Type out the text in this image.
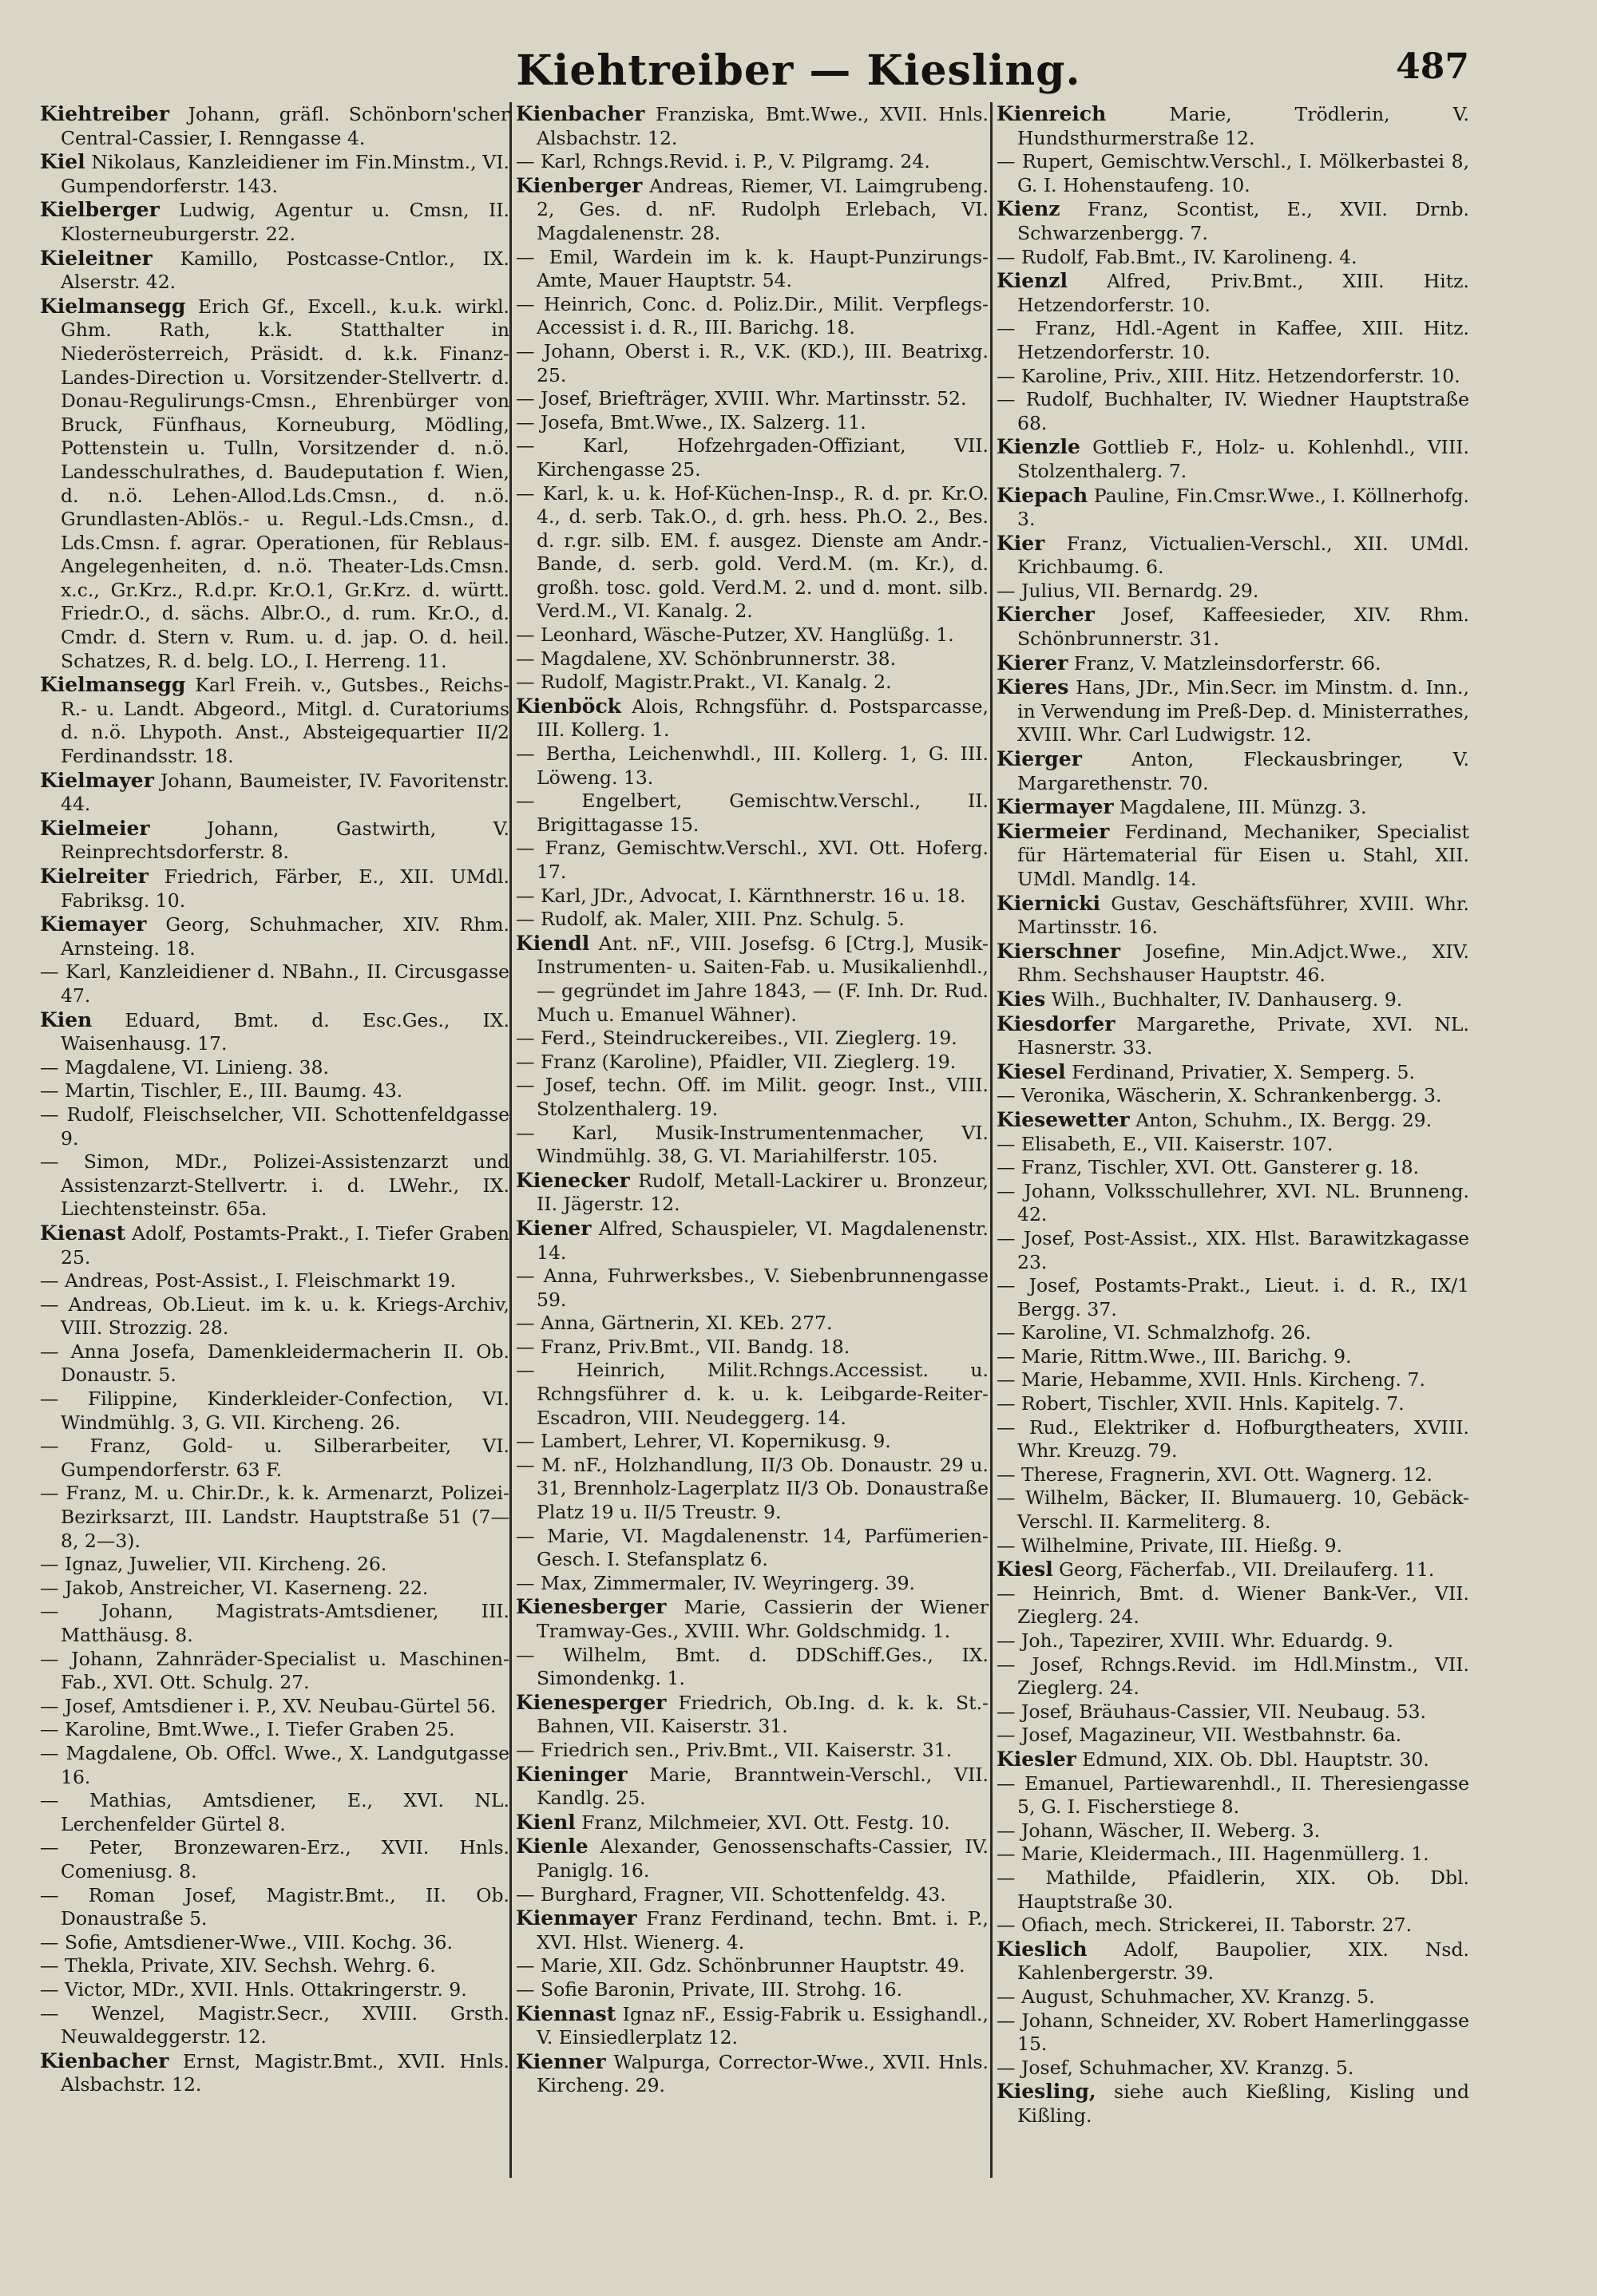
Kiehtreiber — Kiesling.	487

Kiehtreiber Johann, gräfl. Schönborn'scher Central-Cassier, I. Renngasse 4.

Kiel Nikolaus, Kanzleidiener im Fin.Minstm., VI. Gumpendorferstr. 143.

Kielberger Ludwig, Agentur u. Cmsn, II. Klosterneuburgerstr. 22.

Kieleitner Kamillo, Postcasse-Cntlor., IX. Alserstr. 42.

Kielmansegg Erich Gf., Excell., k.u.k. wirkl. Ghm. Rath, k.k. Statthalter in Niederösterreich, Präsidt. d. k.k. Finanz-Landes-Direction u. Vorsitzender-Stellvertr. d. Donau-Regulirungs-Cmsn., Ehrenbürger von Bruck, Fünfhaus, Korneuburg, Mödling, Pottenstein u. Tulln, Vorsitzender d. n.ö. Landesschulrathes, d. Baudeputation f. Wien, d. n.ö. Lehen-Allod.Lds.Cmsn., d. n.ö. Grundlasten-Ablös.- u. Regul.-Lds.Cmsn., d. Lds.Cmsn. f. agrar. Operationen, für Reblaus-Angelegenheiten, d. n.ö. Theater-Lds.Cmsn. x.c., Gr.Krz., R.d.pr. Kr.O.1, Gr.Krz. d. württ. Friedr.O., d. sächs. Albr.O., d. rum. Kr.O., d. Cmdr. d. Stern v. Rum. u. d. jap. O. d. heil. Schatzes, R. d. belg. LO., I. Herreng. 11.

Kielmansegg Karl Freih. v., Gutsbes., Reichs-R.- u. Landt. Abgeord., Mitgl. d. Curatoriums d. n.ö. Lhypoth. Anst., Absteigequartier II/2 Ferdinandsstr. 18.

Kielmayer Johann, Baumeister, IV. Favoritenstr. 44.

Kielmeier Johann, Gastwirth, V. Reinprechtsdorferstr. 8.

Kielreiter Friedrich, Färber, E., XII. UMdl. Fabriksg. 10.

Kiemayer Georg, Schuhmacher, XIV. Rhm. Arnsteing. 18.

— Karl, Kanzleidiener d. NBahn., II. Circusgasse 47.

Kien Eduard, Bmt. d. Esc.Ges., IX. Waisenhausg. 17.

— Magdalene, VI. Linieng. 38.

— Martin, Tischler, E., III. Baumg. 43.

— Rudolf, Fleischselcher, VII. Schottenfeldgasse 9.

— Simon, MDr., Polizei-Assistenzarzt und Assistenzarzt-Stellvertr. i. d. LWehr., IX. Liechtensteinstr. 65a.

Kienast Adolf, Postamts-Prakt., I. Tiefer Graben 25.

— Andreas, Post-Assist., I. Fleischmarkt 19.

— Andreas, Ob.Lieut. im k. u. k. Kriegs-Archiv, VIII. Strozzig. 28.

— Anna Josefa, Damenkleidermacherin II. Ob. Donaustr. 5.

— Filippine, Kinderkleider-Confection, VI. Windmühlg. 3, G. VII. Kircheng. 26.

— Franz, Gold- u. Silberarbeiter, VI. Gumpendorferstr. 63 F.

— Franz, M. u. Chir.Dr., k. k. Armenarzt, Polizei-Bezirksarzt, III. Landstr. Hauptstraße 51 (7—8, 2—3).

— Ignaz, Juwelier, VII. Kircheng. 26.

— Jakob, Anstreicher, VI. Kaserneng. 22.

— Johann, Magistrats-Amtsdiener, III. Matthäusg. 8.

— Johann, Zahnräder-Specialist u. Maschinen-Fab., XVI. Ott. Schulg. 27.

— Josef, Amtsdiener i. P., XV. Neubau-Gürtel 56.

— Karoline, Bmt.Wwe., I. Tiefer Graben 25.

— Magdalene, Ob. Offcl. Wwe., X. Landgutgasse 16.

— Mathias, Amtsdiener, E., XVI. NL. Lerchenfelder Gürtel 8.

— Peter, Bronzewaren-Erz., XVII. Hnls. Comeniusg. 8.

— Roman Josef, Magistr.Bmt., II. Ob. Donaustraße 5.

— Sofie, Amtsdiener-Wwe., VIII. Kochg. 36.

— Thekla, Private, XIV. Sechsh. Wehrg. 6.

— Victor, MDr., XVII. Hnls. Ottakringerstr. 9.

— Wenzel, Magistr.Secr., XVIII. Grsth. Neuwaldeggerstr. 12.

Kienbacher Ernst, Magistr.Bmt., XVII. Hnls. Alsbachstr. 12.

Kienbacher Franziska, Bmt.Wwe., XVII. Hnls. Alsbachstr. 12.

— Karl, Rchngs.Revid. i. P., V. Pilgramg. 24.

Kienberger Andreas, Riemer, VI. Laimgrubeng. 2, Ges. d. nF. Rudolph Erlebach, VI. Magdalenenstr. 28.

— Emil, Wardein im k. k. Haupt-Punzirungs-Amte, Mauer Hauptstr. 54.

— Heinrich, Conc. d. Poliz.Dir., Milit. Verpflegs-Accessist i. d. R., III. Barichg. 18.

— Johann, Oberst i. R., V.K. (KD.), III. Beatrixg. 25.

— Josef, Briefträger, XVIII. Whr. Martinsstr. 52.

— Josefa, Bmt.Wwe., IX. Salzerg. 11.

— Karl, Hofzehrgaden-Offiziant, VII. Kirchengasse 25.

— Karl, k. u. k. Hof-Küchen-Insp., R. d. pr. Kr.O. 4., d. serb. Tak.O., d. grh. hess. Ph.O. 2., Bes. d. r.gr. silb. EM. f. ausgez. Dienste am Andr.-Bande, d. serb. gold. Verd.M. (m. Kr.), d. großh. tosc. gold. Verd.M. 2. und d. mont. silb. Verd.M., VI. Kanalg. 2.

— Leonhard, Wäsche-Putzer, XV. Hanglüßg. 1.

— Magdalene, XV. Schönbrunnerstr. 38.

— Rudolf, Magistr.Prakt., VI. Kanalg. 2.

Kienböck Alois, Rchngsführ. d. Postsparcasse, III. Kollerg. 1.

— Bertha, Leichenwhdl., III. Kollerg. 1, G. III. Löweng. 13.

— Engelbert, Gemischtw.Verschl., II. Brigittagasse 15.

— Franz, Gemischtw.Verschl., XVI. Ott. Hoferg. 17.

— Karl, JDr., Advocat, I. Kärnthnerstr. 16 u. 18.

— Rudolf, ak. Maler, XIII. Pnz. Schulg. 5.

Kiendl Ant. nF., VIII. Josefsg. 6 [Ctrg.], Musik-Instrumenten- u. Saiten-Fab. u. Musikalienhdl., — gegründet im Jahre 1843, — (F. Inh. Dr. Rud. Much u. Emanuel Wähner).

— Ferd., Steindruckereibes., VII. Zieglerg. 19.

— Franz (Karoline), Pfaidler, VII. Zieglerg. 19.

— Josef, techn. Off. im Milit. geogr. Inst., VIII. Stolzenthalerg. 19.

— Karl, Musik-Instrumentenmacher, VI. Windmühlg. 38, G. VI. Mariahilferstr. 105.

Kienecker Rudolf, Metall-Lackirer u. Bronzeur, II. Jägerstr. 12.

Kiener Alfred, Schauspieler, VI. Magdalenenstr. 14.

— Anna, Fuhrwerksbes., V. Siebenbrunnengasse 59.

— Anna, Gärtnerin, XI. KEb. 277.

— Franz, Priv.Bmt., VII. Bandg. 18.

— Heinrich, Milit.Rchngs.Accessist. u. Rchngsführer d. k. u. k. Leibgarde-Reiter-Escadron, VIII. Neudeggerg. 14.

— Lambert, Lehrer, VI. Kopernikusg. 9.

— M. nF., Holzhandlung, II/3 Ob. Donaustr. 29 u. 31, Brennholz-Lagerplatz II/3 Ob. Donaustraße Platz 19 u. II/5 Treustr. 9.

— Marie, VI. Magdalenenstr. 14, Parfümerien-Gesch. I. Stefansplatz 6.

— Max, Zimmermaler, IV. Weyringerg. 39.

Kienesberger Marie, Cassierin der Wiener Tramway-Ges., XVIII. Whr. Goldschmidg. 1.

— Wilhelm, Bmt. d. DDSchiff.Ges., IX. Simondenkg. 1.

Kienesperger Friedrich, Ob.Ing. d. k. k. St.-Bahnen, VII. Kaiserstr. 31.

— Friedrich sen., Priv.Bmt., VII. Kaiserstr. 31.

Kieninger Marie, Branntwein-Verschl., VII. Kandlg. 25.

Kienl Franz, Milchmeier, XVI. Ott. Festg. 10.

Kienle Alexander, Genossenschafts-Cassier, IV. Paniglg. 16.

— Burghard, Fragner, VII. Schottenfeldg. 43.

Kienmayer Franz Ferdinand, techn. Bmt. i. P., XVI. Hlst. Wienerg. 4.

— Marie, XII. Gdz. Schönbrunner Hauptstr. 49.

— Sofie Baronin, Private, III. Strohg. 16.

Kiennast Ignaz nF., Essig-Fabrik u. Essighandl., V. Einsiedlerplatz 12.

Kienner Walpurga, Corrector-Wwe., XVII. Hnls. Kircheng. 29.

Kienreich Marie, Trödlerin, V. Hundsthurmerstraße 12.

— Rupert, Gemischtw.Verschl., I. Mölkerbastei 8, G. I. Hohenstaufeng. 10.

Kienz Franz, Scontist, E., XVII. Drnb. Schwarzenbergg. 7.

— Rudolf, Fab.Bmt., IV. Karolineng. 4.

Kienzl Alfred, Priv.Bmt., XIII. Hitz. Hetzendorferstr. 10.

— Franz, Hdl.-Agent in Kaffee, XIII. Hitz. Hetzendorferstr. 10.

— Karoline, Priv., XIII. Hitz. Hetzendorferstr. 10.

— Rudolf, Buchhalter, IV. Wiedner Hauptstraße 68.

Kienzle Gottlieb F., Holz- u. Kohlenhdl., VIII. Stolzenthalerg. 7.

Kiepach Pauline, Fin.Cmsr.Wwe., I. Köllnerhofg. 3.

Kier Franz, Victualien-Verschl., XII. UMdl. Krichbaumg. 6.

— Julius, VII. Bernardg. 29.

Kiercher Josef, Kaffeesieder, XIV. Rhm. Schönbrunnerstr. 31.

Kierer Franz, V. Matzleinsdorferstr. 66.

Kieres Hans, JDr., Min.Secr. im Minstm. d. Inn., in Verwendung im Preß-Dep. d. Ministerrathes, XVIII. Whr. Carl Ludwigstr. 12.

Kierger Anton, Fleckausbringer, V. Margarethenstr. 70.

Kiermayer Magdalene, III. Münzg. 3.

Kiermeier Ferdinand, Mechaniker, Specialist für Härtematerial für Eisen u. Stahl, XII. UMdl. Mandlg. 14.

Kiernicki Gustav, Geschäftsführer, XVIII. Whr. Martinsstr. 16.

Kierschner Josefine, Min.Adjct.Wwe., XIV. Rhm. Sechshauser Hauptstr. 46.

Kies Wilh., Buchhalter, IV. Danhauserg. 9.

Kiesdorfer Margarethe, Private, XVI. NL. Hasnerstr. 33.

Kiesel Ferdinand, Privatier, X. Semperg. 5.

— Veronika, Wäscherin, X. Schrankenbergg. 3.

Kiesewetter Anton, Schuhm., IX. Bergg. 29.

— Elisabeth, E., VII. Kaiserstr. 107.

— Franz, Tischler, XVI. Ott. Gansterer g. 18.

— Johann, Volksschullehrer, XVI. NL. Brunneng. 42.

— Josef, Post-Assist., XIX. Hlst. Barawitzkagasse 23.

— Josef, Postamts-Prakt., Lieut. i. d. R., IX/1 Bergg. 37.

— Karoline, VI. Schmalzhofg. 26.

— Marie, Rittm.Wwe., III. Barichg. 9.

— Marie, Hebamme, XVII. Hnls. Kircheng. 7.

— Robert, Tischler, XVII. Hnls. Kapitelg. 7.

— Rud., Elektriker d. Hofburgtheaters, XVIII. Whr. Kreuzg. 79.

— Therese, Fragnerin, XVI. Ott. Wagnerg. 12.

— Wilhelm, Bäcker, II. Blumauerg. 10, Gebäck-Verschl. II. Karmeliterg. 8.

— Wilhelmine, Private, III. Hießg. 9.

Kiesl Georg, Fächerfab., VII. Dreilauferg. 11.

— Heinrich, Bmt. d. Wiener Bank-Ver., VII. Zieglerg. 24.

— Joh., Tapezirer, XVIII. Whr. Eduardg. 9.

— Josef, Rchngs.Revid. im Hdl.Minstm., VII. Zieglerg. 24.

— Josef, Bräuhaus-Cassier, VII. Neubaug. 53.

— Josef, Magazineur, VII. Westbahnstr. 6a.

Kiesler Edmund, XIX. Ob. Dbl. Hauptstr. 30.

— Emanuel, Partiewarenhdl., II. Theresiengasse 5, G. I. Fischerstiege 8.

— Johann, Wäscher, II. Weberg. 3.

— Marie, Kleidermach., III. Hagenmüllerg. 1.

— Mathilde, Pfaidlerin, XIX. Ob. Dbl. Hauptstraße 30.

— Ofiach, mech. Strickerei, II. Taborstr. 27.

Kieslich Adolf, Baupolier, XIX. Nsd. Kahlenbergerstr. 39.

— August, Schuhmacher, XV. Kranzg. 5.

— Johann, Schneider, XV. Robert Hamerlinggasse 15.

— Josef, Schuhmacher, XV. Kranzg. 5.

Kiesling, siehe auch Kießling, Kisling und Kißling.
